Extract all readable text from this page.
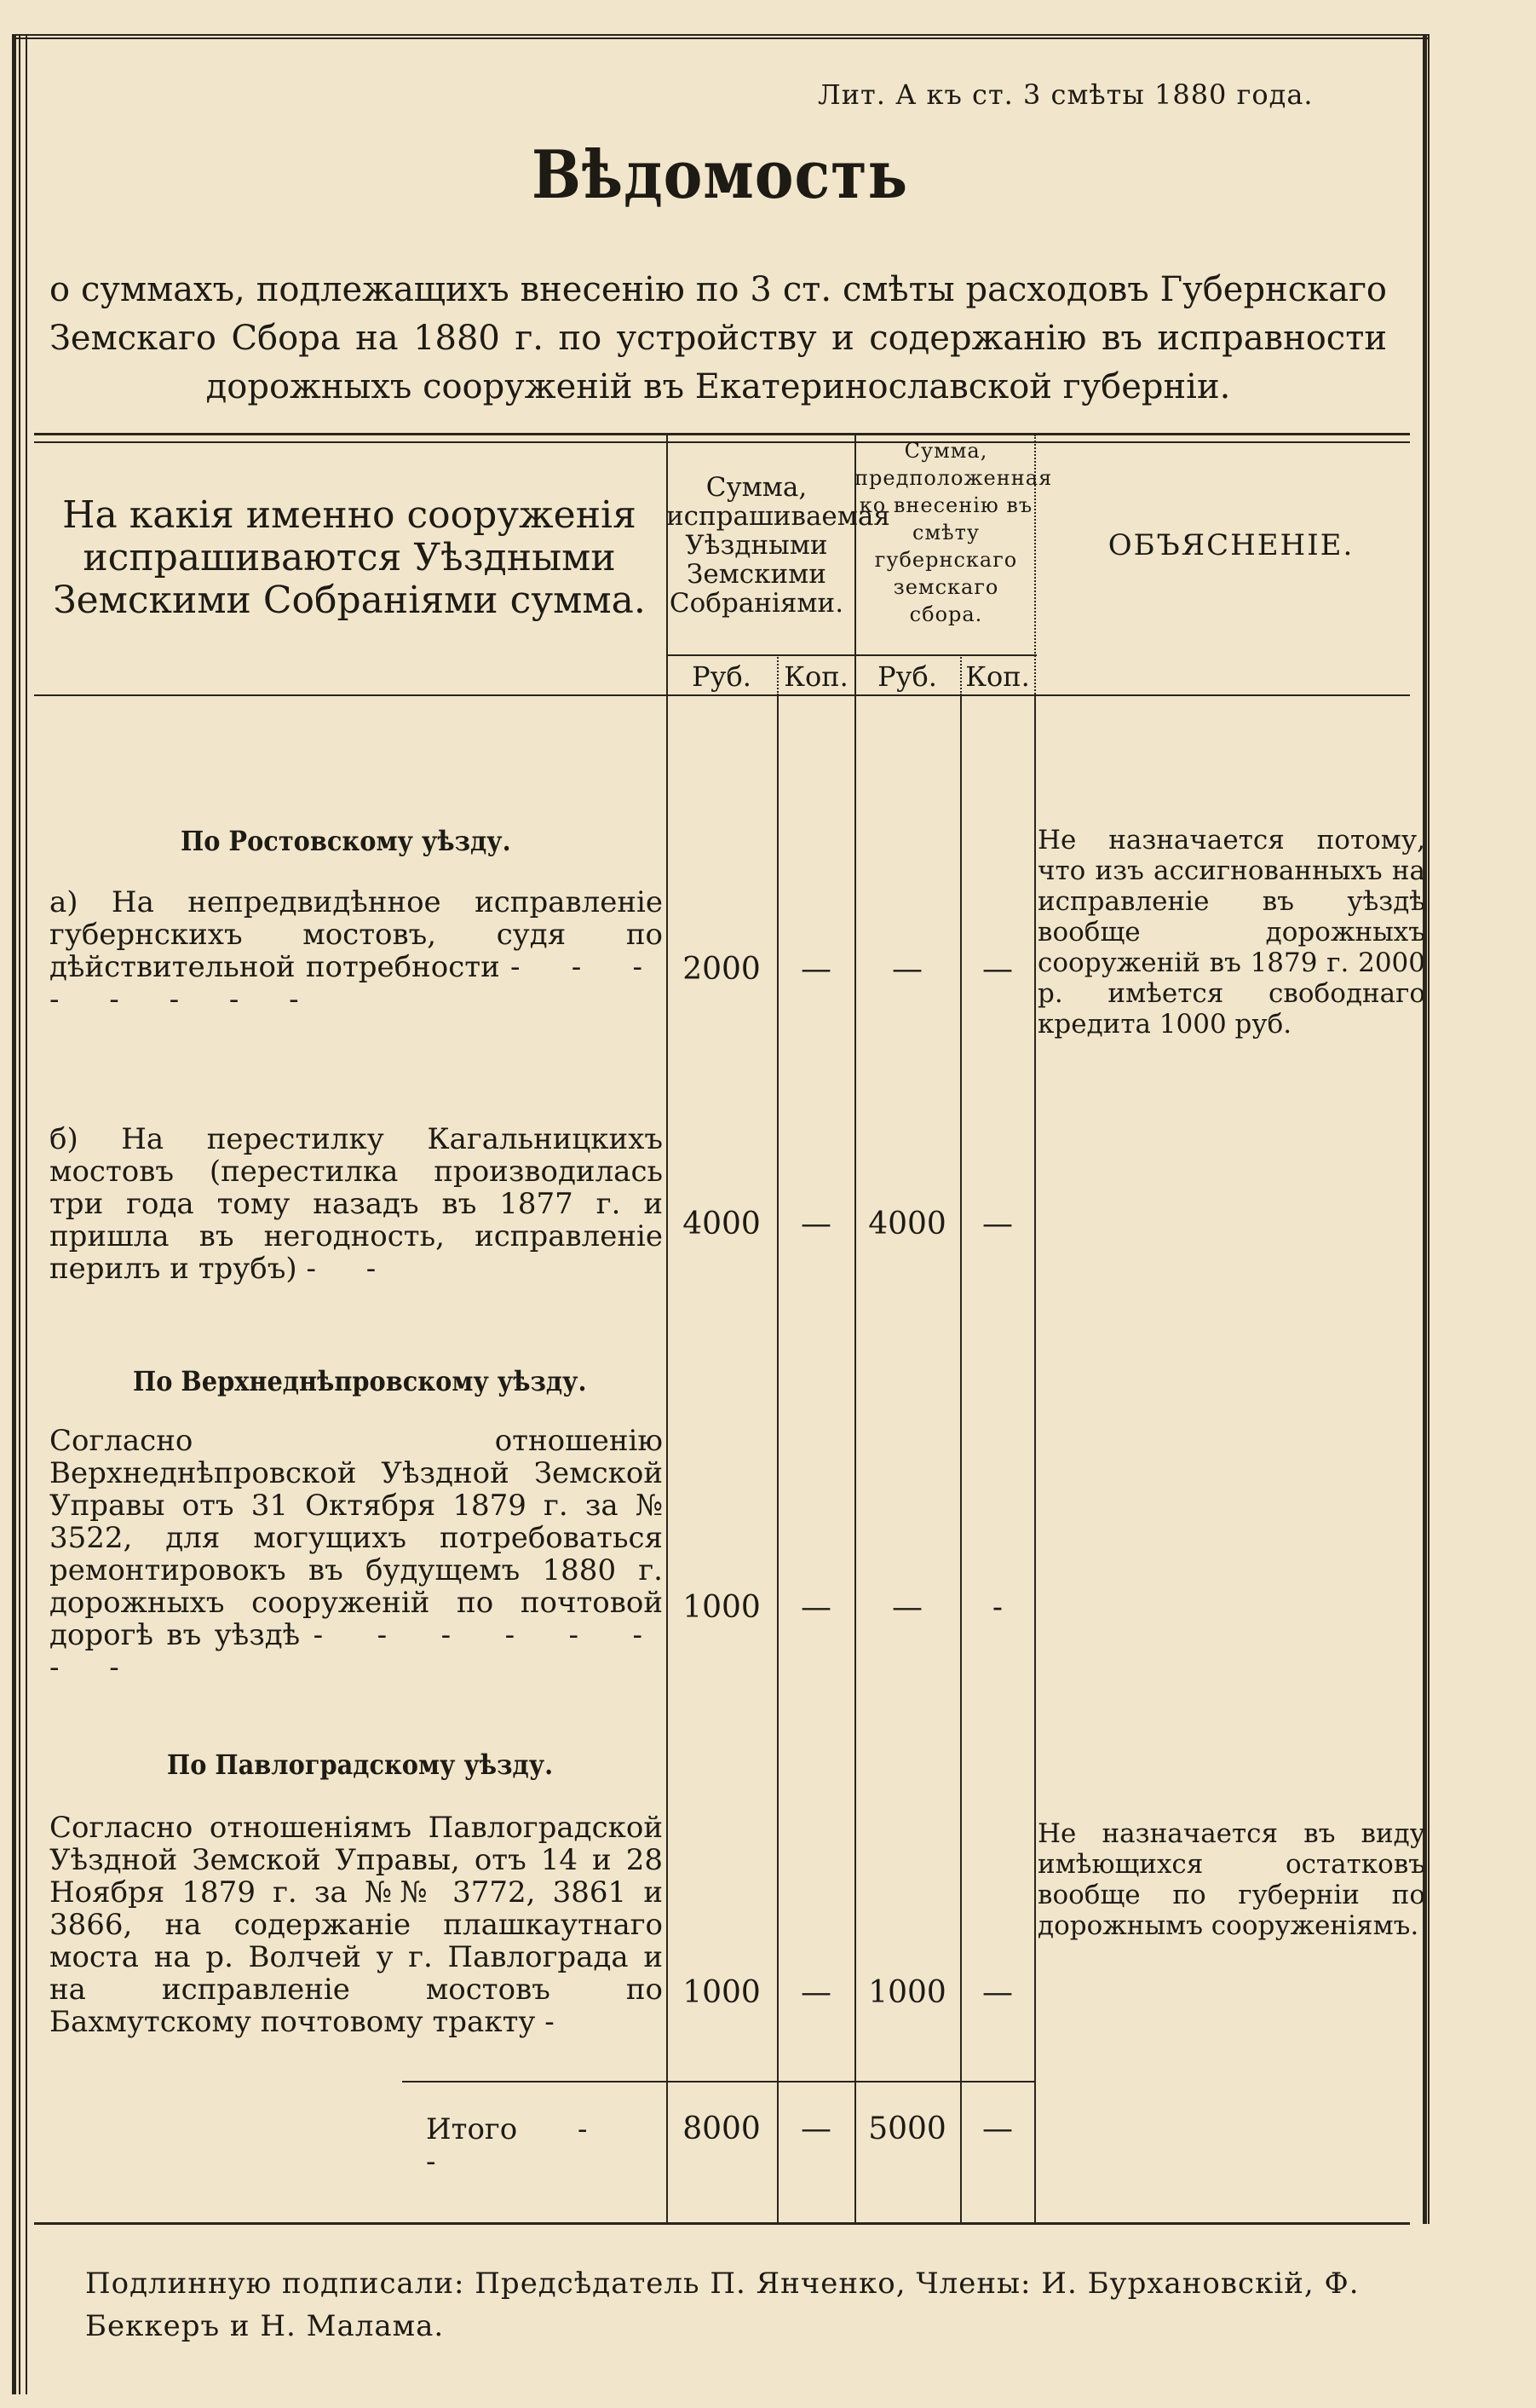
Лит. А къ ст. 3 смѣты 1880 года.
Вѣдомость
о суммахъ, подлежащихъ внесенію по 3 ст. смѣты расходовъ Губернскаго Земскаго Сбора на 1880 г. по устройству и содержанію въ исправности дорожныхъ сооруженій въ Екатеринославской губерніи.
На какія именно сооруженія испрашиваются Уѣздными Земскими Собраніями сумма.
Сумма, испрашиваемая Уѣздными Земскими Собраніями.
Сумма, предположенная ко внесенію въ смѣту губернскаго земскаго сбора.
ОБЪЯСНЕНІЕ.
Руб.	Коп.	Руб.	Коп.
По Ростовскому уѣзду.
а) На непредвидѣнное исправленіе губернскихъ мостовъ, судя по дѣйствительной потребности - - - - - - - -
2000	—	—	—
Не назначается потому, что изъ ассигнованныхъ на исправленіе въ уѣздѣ вообще дорожныхъ сооруженій въ 1879 г. 2000 р. имѣется свободнаго кредита 1000 руб.
б) На перестилку Кагальницкихъ мостовъ (перестилка производилась три года тому назадъ въ 1877 г. и пришла въ негодность, исправленіе перилъ и трубъ) - -
4000	—	4000	—
По Верхнеднѣпровскому уѣзду.
Согласно отношенію Верхнеднѣпровской Уѣздной Земской Управы отъ 31 Октября 1879 г. за № 3522, для могущихъ потребоваться ремонтировокъ въ будущемъ 1880 г. дорожныхъ сооруженій по почтовой дорогѣ въ уѣздѣ - - - - - - - -
1000	—	—	-
По Павлоградскому уѣзду.
Согласно отношеніямъ Павлоградской Уѣздной Земской Управы, отъ 14 и 28 Ноября 1879 г. за №№ 3772, 3861 и 3866, на содержаніе плашкаутнаго моста на р. Волчей у г. Павлограда и на исправленіе мостовъ по Бахмутскому почтовому тракту -
1000	—	1000	—
Не назначается въ виду имѣющихся остатковъ вообще по губерніи по дорожнымъ сооруженіямъ.
Итого - -
8000	—	5000	—
Подлинную подписали: Предсѣдатель П. Янченко, Члены: И. Бурхановскій, Ф. Беккеръ и Н. Малама.
